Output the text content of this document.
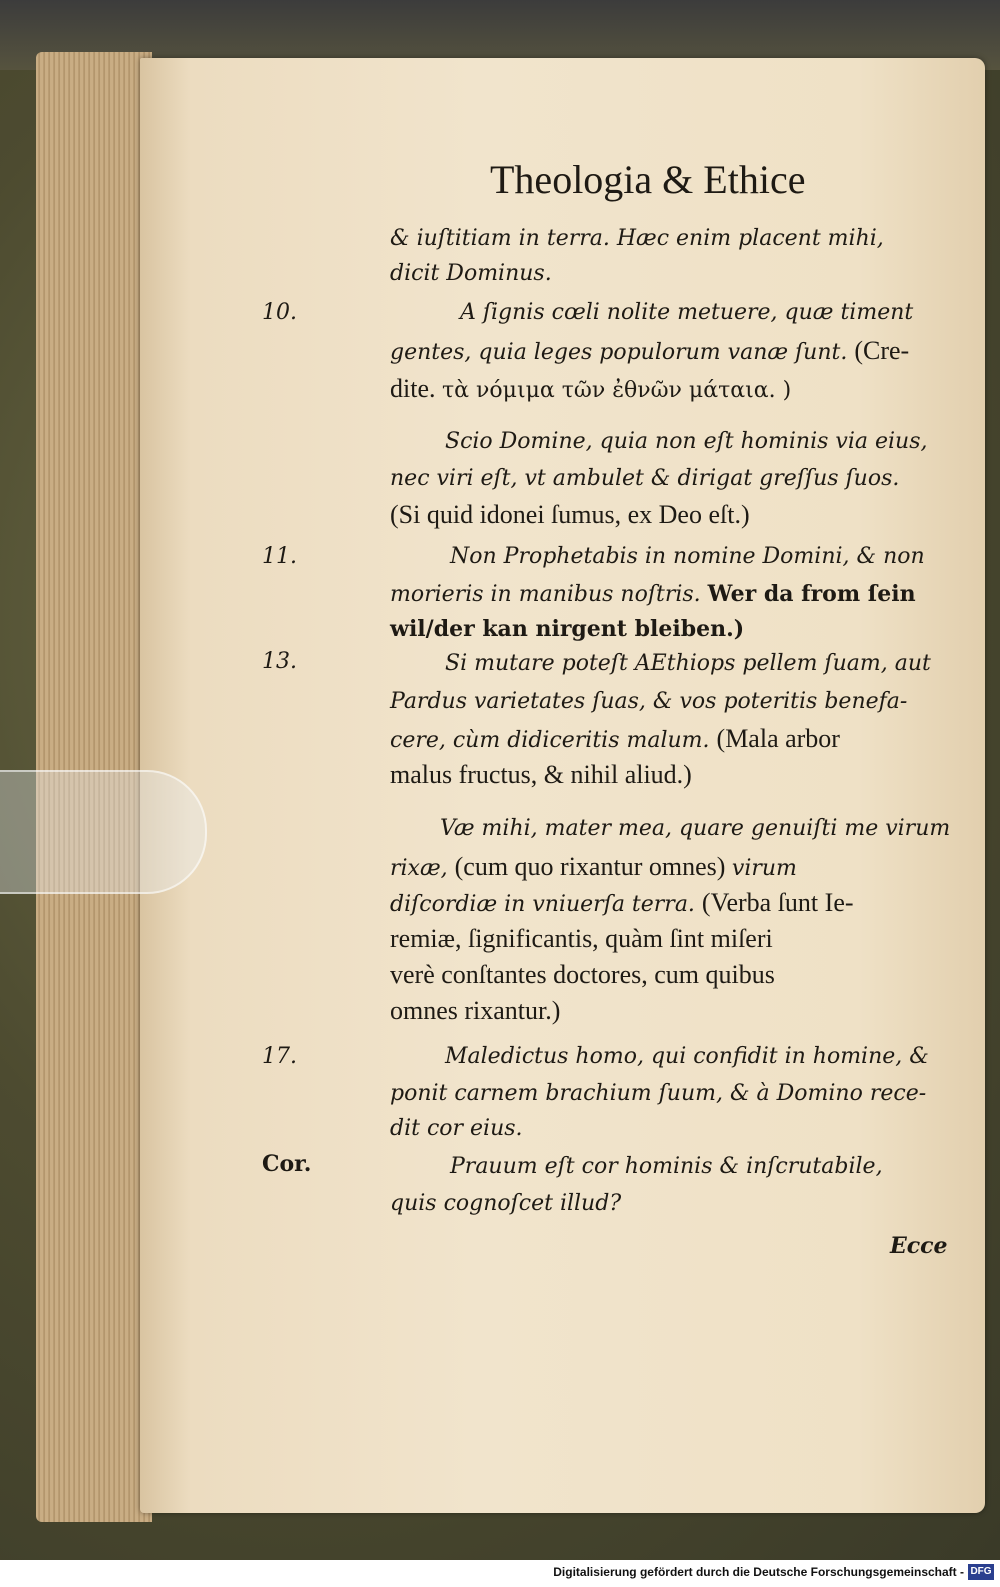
Theologia & Ethice
10.
11.
13.
17.
Cor.
& iuſtitiam in terra. Hæc enim placent mihi,
dicit Dominus.
A ſignis cœli nolite metuere, quæ timent
gentes, quia leges populorum vanæ ſunt. (Cre-
dite. τὰ νόμιμα τῶν ἐθνῶν μάταια. )
Scio Domine, quia non eſt hominis via eius,
nec viri eſt, vt ambulet & dirigat greſſus ſuos.
(Si quid idonei ſumus, ex Deo eſt.)
Non Prophetabis in nomine Domini, & non
morieris in manibus noſtris. Wer da from ſein
wil/der kan nirgent bleiben.)
Si mutare poteſt AEthiops pellem ſuam, aut
Pardus varietates ſuas, & vos poteritis benefa-
cere, cùm didiceritis malum. (Mala arbor
malus fructus, & nihil aliud.)
Væ mihi, mater mea, quare genuiſti me virum
rixæ, (cum quo rixantur omnes) virum
diſcordiæ in vniuerſa terra. (Verba ſunt Ie-
remiæ, ſignificantis, quàm ſint miſeri
verè conſtantes doctores, cum quibus
omnes rixantur.)
Maledictus homo, qui confidit in homine, &
ponit carnem brachium ſuum, & à Domino rece-
dit cor eius.
Prauum eſt cor hominis & inſcrutabile,
quis cognoſcet illud?
Ecce
Digitalisierung gefördert durch die Deutsche Forschungsgemeinschaft - DFG
